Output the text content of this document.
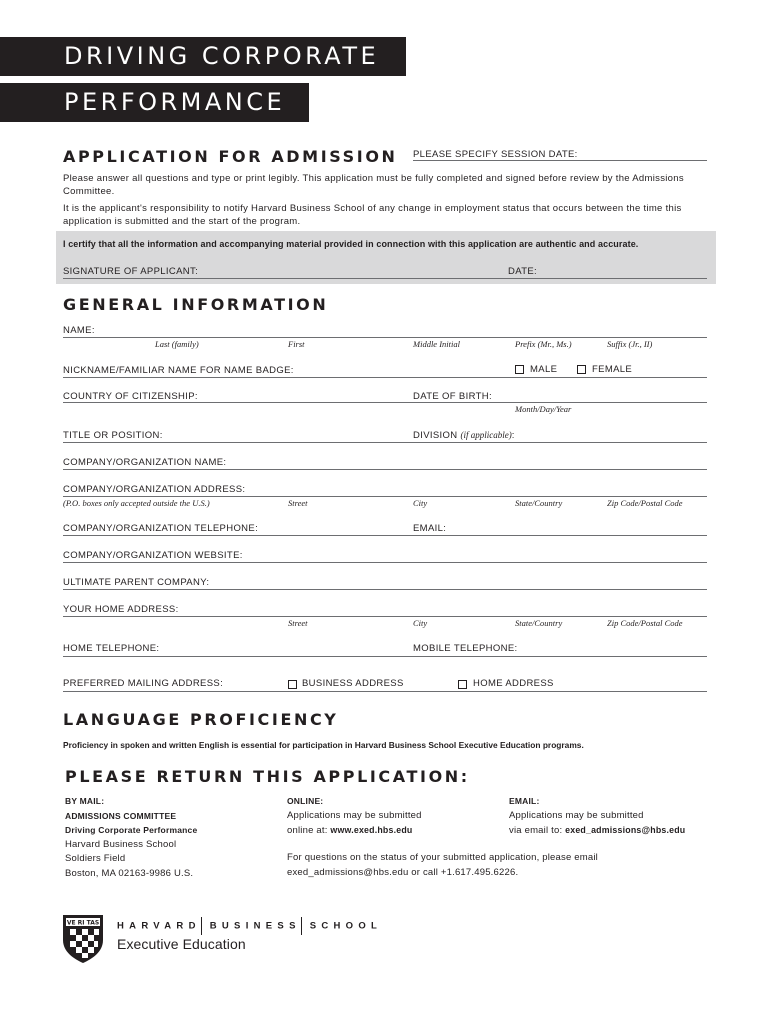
DRIVING CORPORATE
PERFORMANCE
APPLICATION FOR ADMISSION PLEASE SPECIFY SESSION DATE:
Please answer all questions and type or print legibly. This application must be fully completed and signed before review by the Admissions Committee.
It is the applicant's responsibility to notify Harvard Business School of any change in employment status that occurs between the time this application is submitted and the start of the program.
I certify that all the information and accompanying material provided in connection with this application are authentic and accurate.
SIGNATURE OF APPLICANT:	DATE:
GENERAL INFORMATION
NAME:
Last (family)	First	Middle Initial	Prefix (Mr., Ms.)	Suffix (Jr., II)
NICKNAME/FAMILIAR NAME FOR NAME BADGE:	MALE	FEMALE
COUNTRY OF CITIZENSHIP:	DATE OF BIRTH:
Month/Day/Year
TITLE OR POSITION:	DIVISION (if applicable):
COMPANY/ORGANIZATION NAME:
COMPANY/ORGANIZATION ADDRESS:
(P.O. boxes only accepted outside the U.S.)	Street	City	State/Country	Zip Code/Postal Code
COMPANY/ORGANIZATION TELEPHONE:	EMAIL:
COMPANY/ORGANIZATION WEBSITE:
ULTIMATE PARENT COMPANY:
YOUR HOME ADDRESS:
Street	City	State/Country	Zip Code/Postal Code
HOME TELEPHONE:	MOBILE TELEPHONE:
PREFERRED MAILING ADDRESS:	BUSINESS ADDRESS	HOME ADDRESS
LANGUAGE PROFICIENCY
Proficiency in spoken and written English is essential for participation in Harvard Business School Executive Education programs.
PLEASE RETURN THIS APPLICATION:
BY MAIL:
ADMISSIONS COMMITTEE
Driving Corporate Performance
Harvard Business School
Soldiers Field
Boston, MA 02163-9986 U.S.
ONLINE:
Applications may be submitted
online at: www.exed.hbs.edu
EMAIL:
Applications may be submitted
via email to: exed_admissions@hbs.edu
For questions on the status of your submitted application, please email
exed_admissions@hbs.edu or call +1.617.495.6226.
VE RI TAS HARVARD BUSINESS SCHOOL
Executive Education
